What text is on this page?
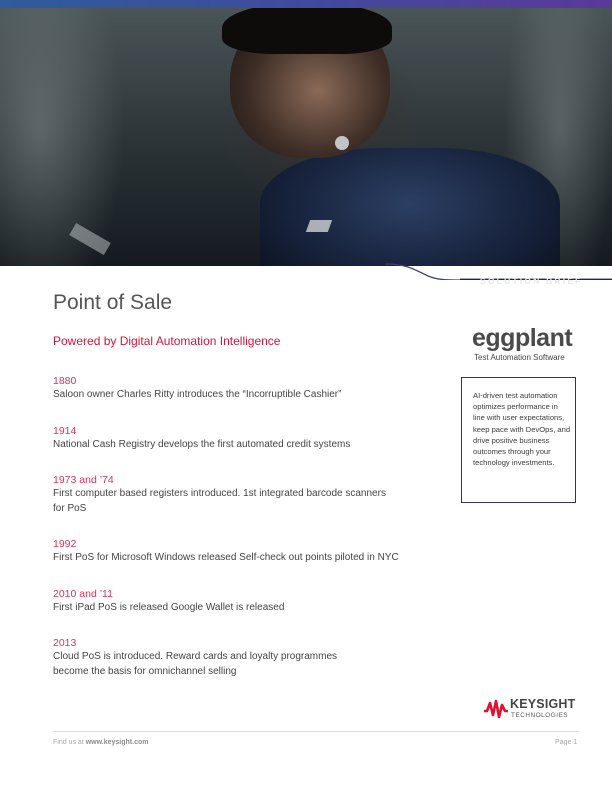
SOLUTION BRIEF
Point of Sale
Powered by Digital Automation Intelligence
1880
Saloon owner Charles Ritty introduces the “Incorruptible Cashier”
1914
National Cash Registry develops the first automated credit systems
1973 and ’74
First computer based registers introduced. 1st integrated barcode scanners for PoS
1992
First PoS for Microsoft Windows released Self-check out points piloted in NYC
2010 and ’11
First iPad PoS is released Google Wallet is released
2013
Cloud PoS is introduced. Reward cards and loyalty programmes become the basis for omnichannel selling
eggplant
Test Automation Software

AI-driven test automation optimizes performance in line with user expectations, keep pace with DevOps, and drive positive business outcomes through your technology investments.

KEYSIGHT
TECHNOLOGIES
Find us at www.keysight.com	Page 1
